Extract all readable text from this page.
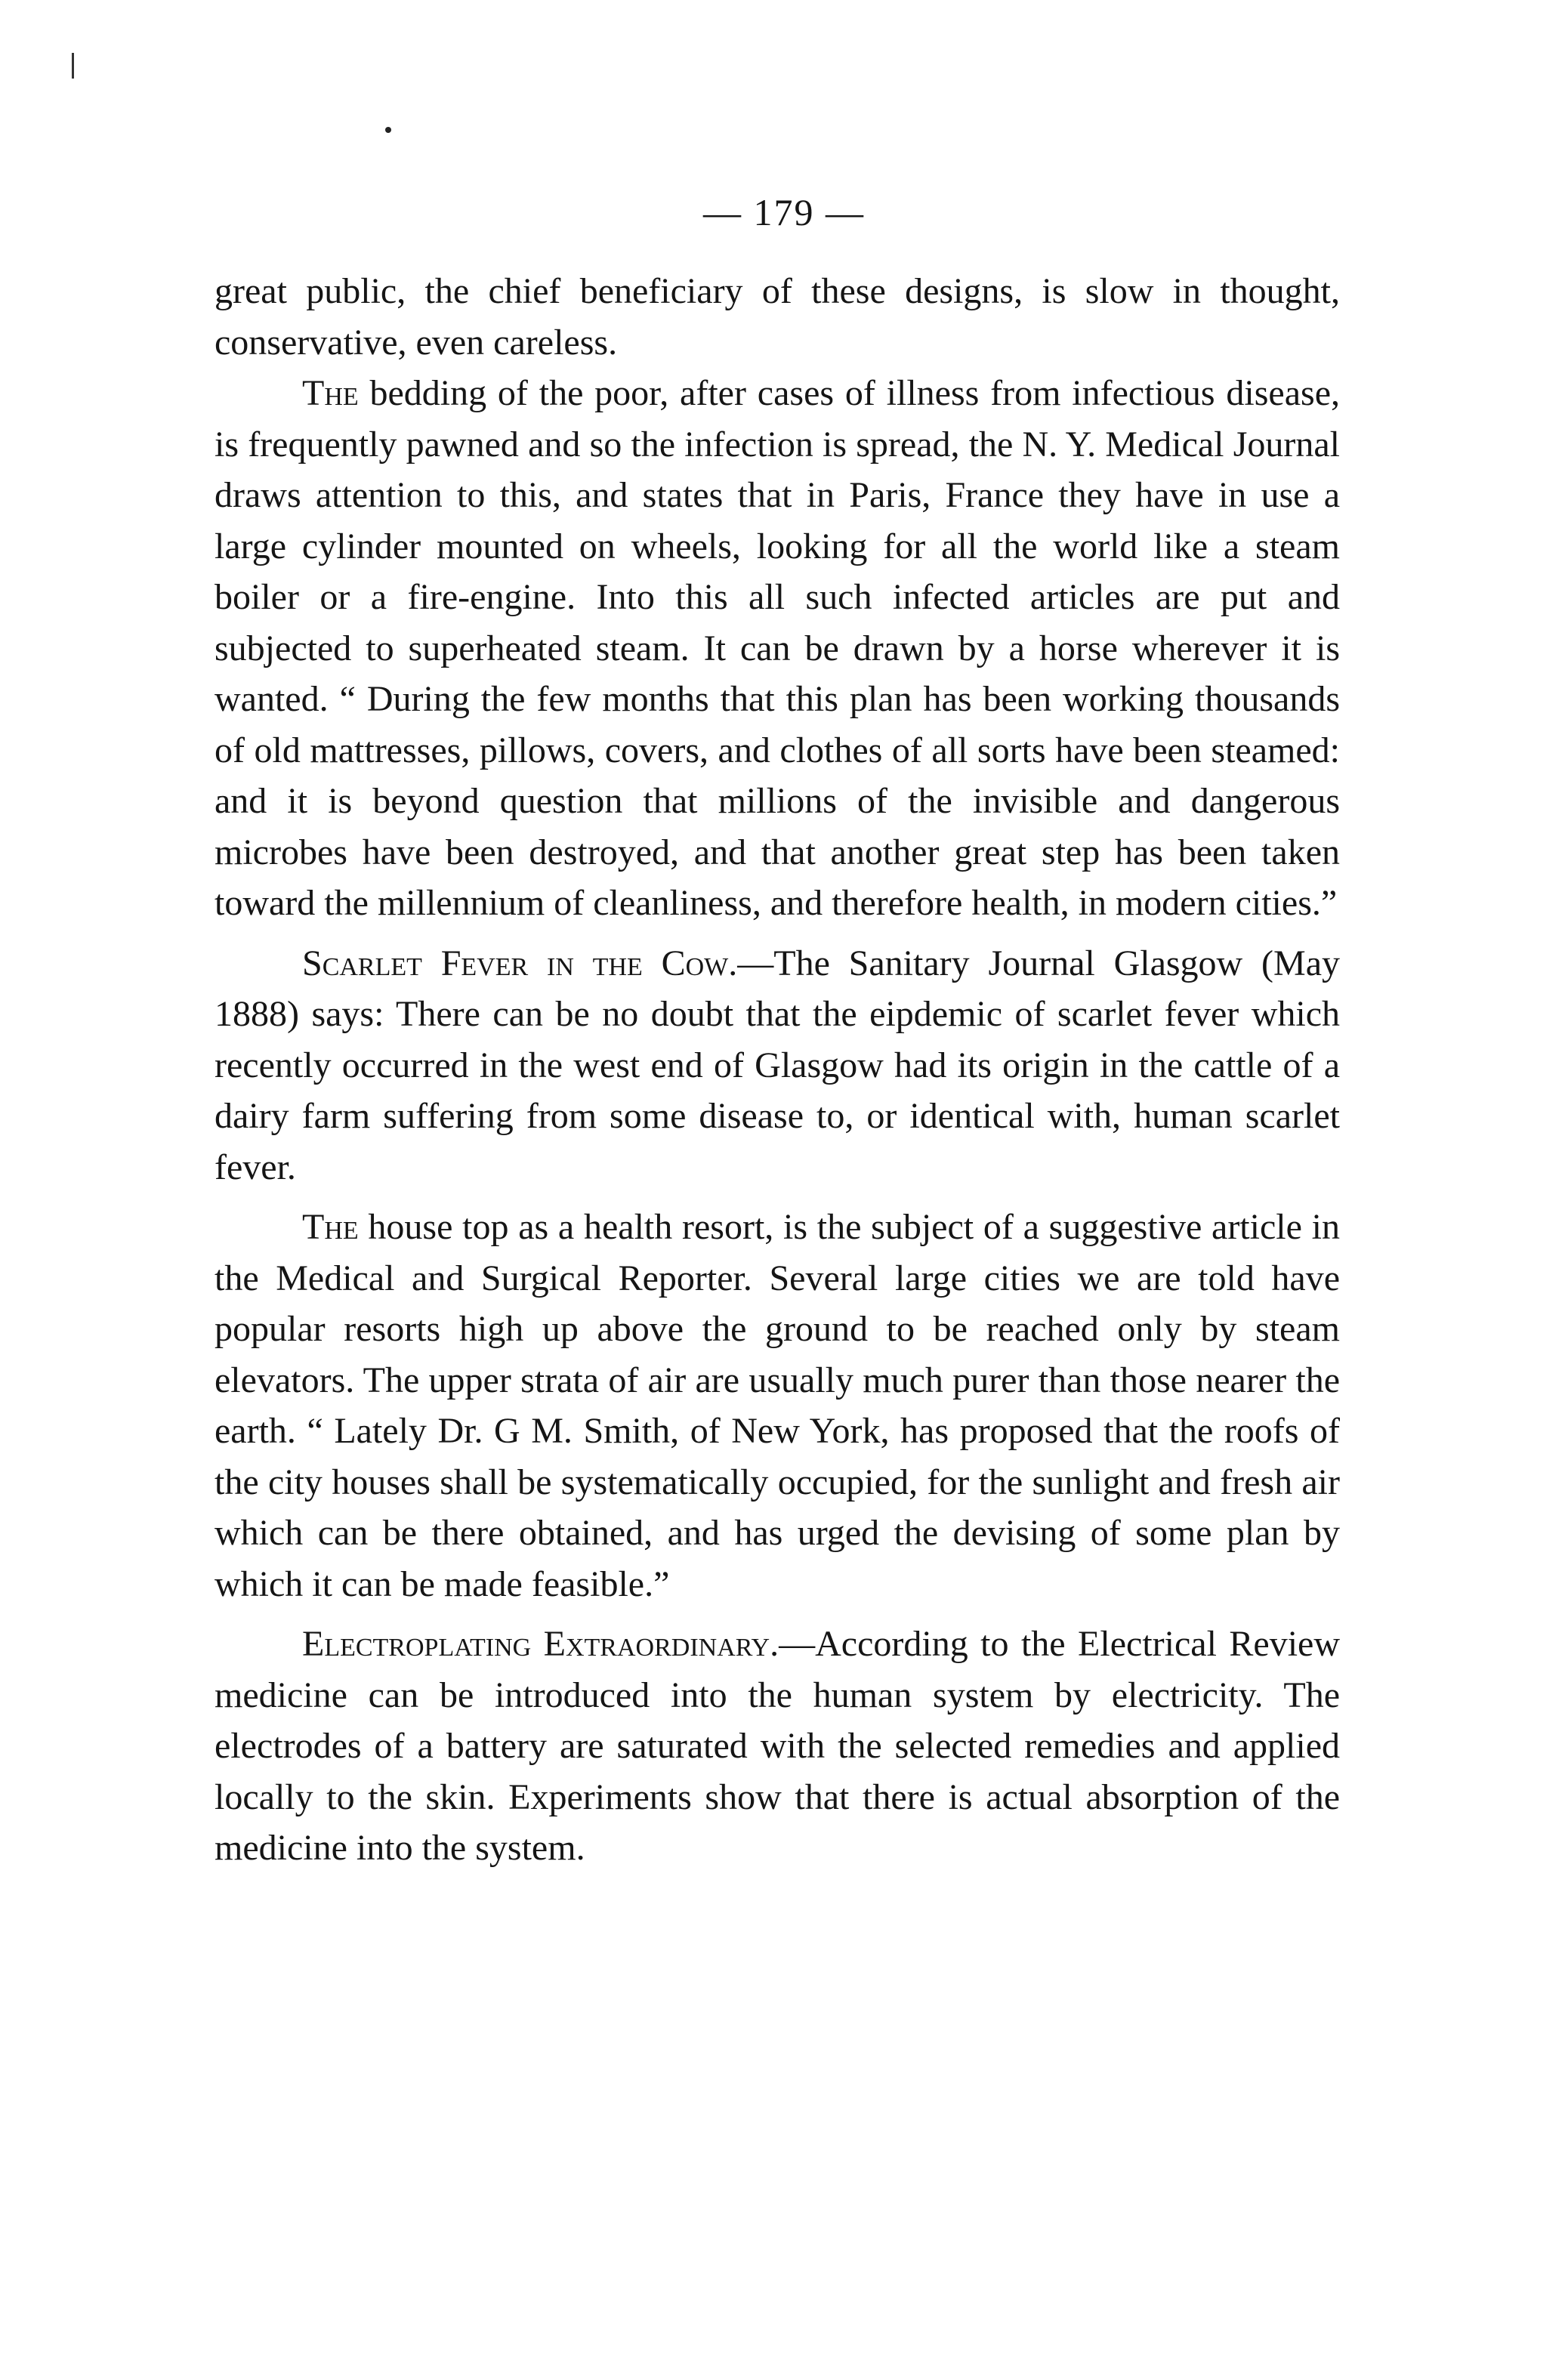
— 179 —

great public, the chief beneficiary of these designs, is slow in thought, conservative, even careless.

The bedding of the poor, after cases of illness from infectious disease, is frequently pawned and so the infection is spread, the N. Y. Medical Journal draws attention to this, and states that in Paris, France they have in use a large cylinder mounted on wheels, looking for all the world like a steam boiler or a fire-engine. Into this all such infected articles are put and subjected to superheated steam. It can be drawn by a horse wherever it is wanted. “ During the few months that this plan has been working thousands of old mattresses, pillows, covers, and clothes of all sorts have been steamed: and it is beyond question that millions of the invisible and dangerous microbes have been destroyed, and that another great step has been taken toward the millennium of cleanliness, and therefore health, in modern cities.”

Scarlet Fever in the Cow.—The Sanitary Journal Glasgow (May 1888) says: There can be no doubt that the eipdemic of scarlet fever which recently occurred in the west end of Glasgow had its origin in the cattle of a dairy farm suffering from some disease to, or identical with, human scarlet fever.

The house top as a health resort, is the subject of a suggestive article in the Medical and Surgical Reporter. Several large cities we are told have popular resorts high up above the ground to be reached only by steam elevators. The upper strata of air are usually much purer than those nearer the earth. “ Lately Dr. G M. Smith, of New York, has proposed that the roofs of the city houses shall be systematically occupied, for the sunlight and fresh air which can be there obtained, and has urged the devising of some plan by which it can be made feasible.”

Electroplating Extraordinary.—According to the Electrical Review medicine can be introduced into the human system by electricity. The electrodes of a battery are saturated with the selected remedies and applied locally to the skin. Experiments show that there is actual absorption of the medicine into the system.
